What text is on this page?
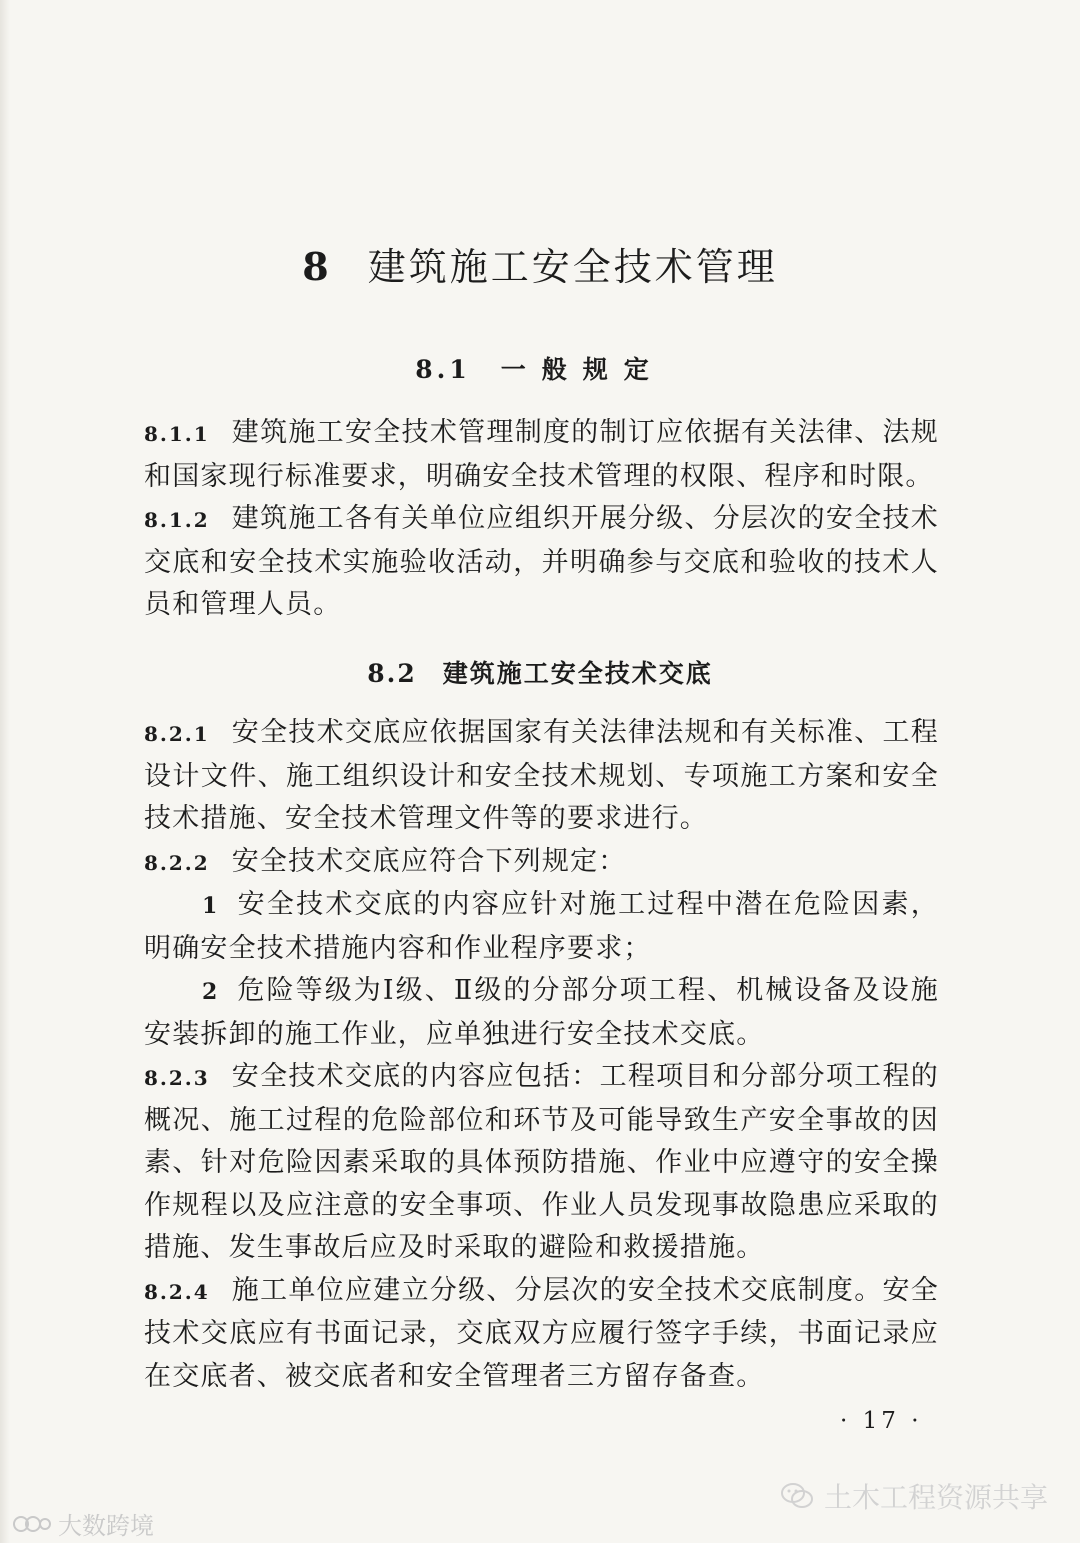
8 建筑施工安全技术管理
8.1 一般规定

8.1.1 建筑施工安全技术管理制度的制订应依据有关法律、法规和国家现行标准要求，明确安全技术管理的权限、程序和时限。

8.1.2 建筑施工各有关单位应组织开展分级、分层次的安全技术交底和安全技术实施验收活动，并明确参与交底和验收的技术人员和管理人员。

8.2 建筑施工安全技术交底

8.2.1 安全技术交底应依据国家有关法律法规和有关标准、工程设计文件、施工组织设计和安全技术规划、专项施工方案和安全技术措施、安全技术管理文件等的要求进行。

8.2.2 安全技术交底应符合下列规定：

1 安全技术交底的内容应针对施工过程中潜在危险因素，明确安全技术措施内容和作业程序要求；

2 危险等级为Ⅰ级、Ⅱ级的分部分项工程、机械设备及设施安装拆卸的施工作业，应单独进行安全技术交底。

8.2.3 安全技术交底的内容应包括：工程项目和分部分项工程的概况、施工过程的危险部位和环节及可能导致生产安全事故的因素、针对危险因素采取的具体预防措施、作业中应遵守的安全操作规程以及应注意的安全事项、作业人员发现事故隐患应采取的措施、发生事故后应及时采取的避险和救援措施。

8.2.4 施工单位应建立分级、分层次的安全技术交底制度。安全技术交底应有书面记录，交底双方应履行签字手续，书面记录应在交底者、被交底者和安全管理者三方留存备查。

· 17 ·
土木工程资源共享
大数跨境
